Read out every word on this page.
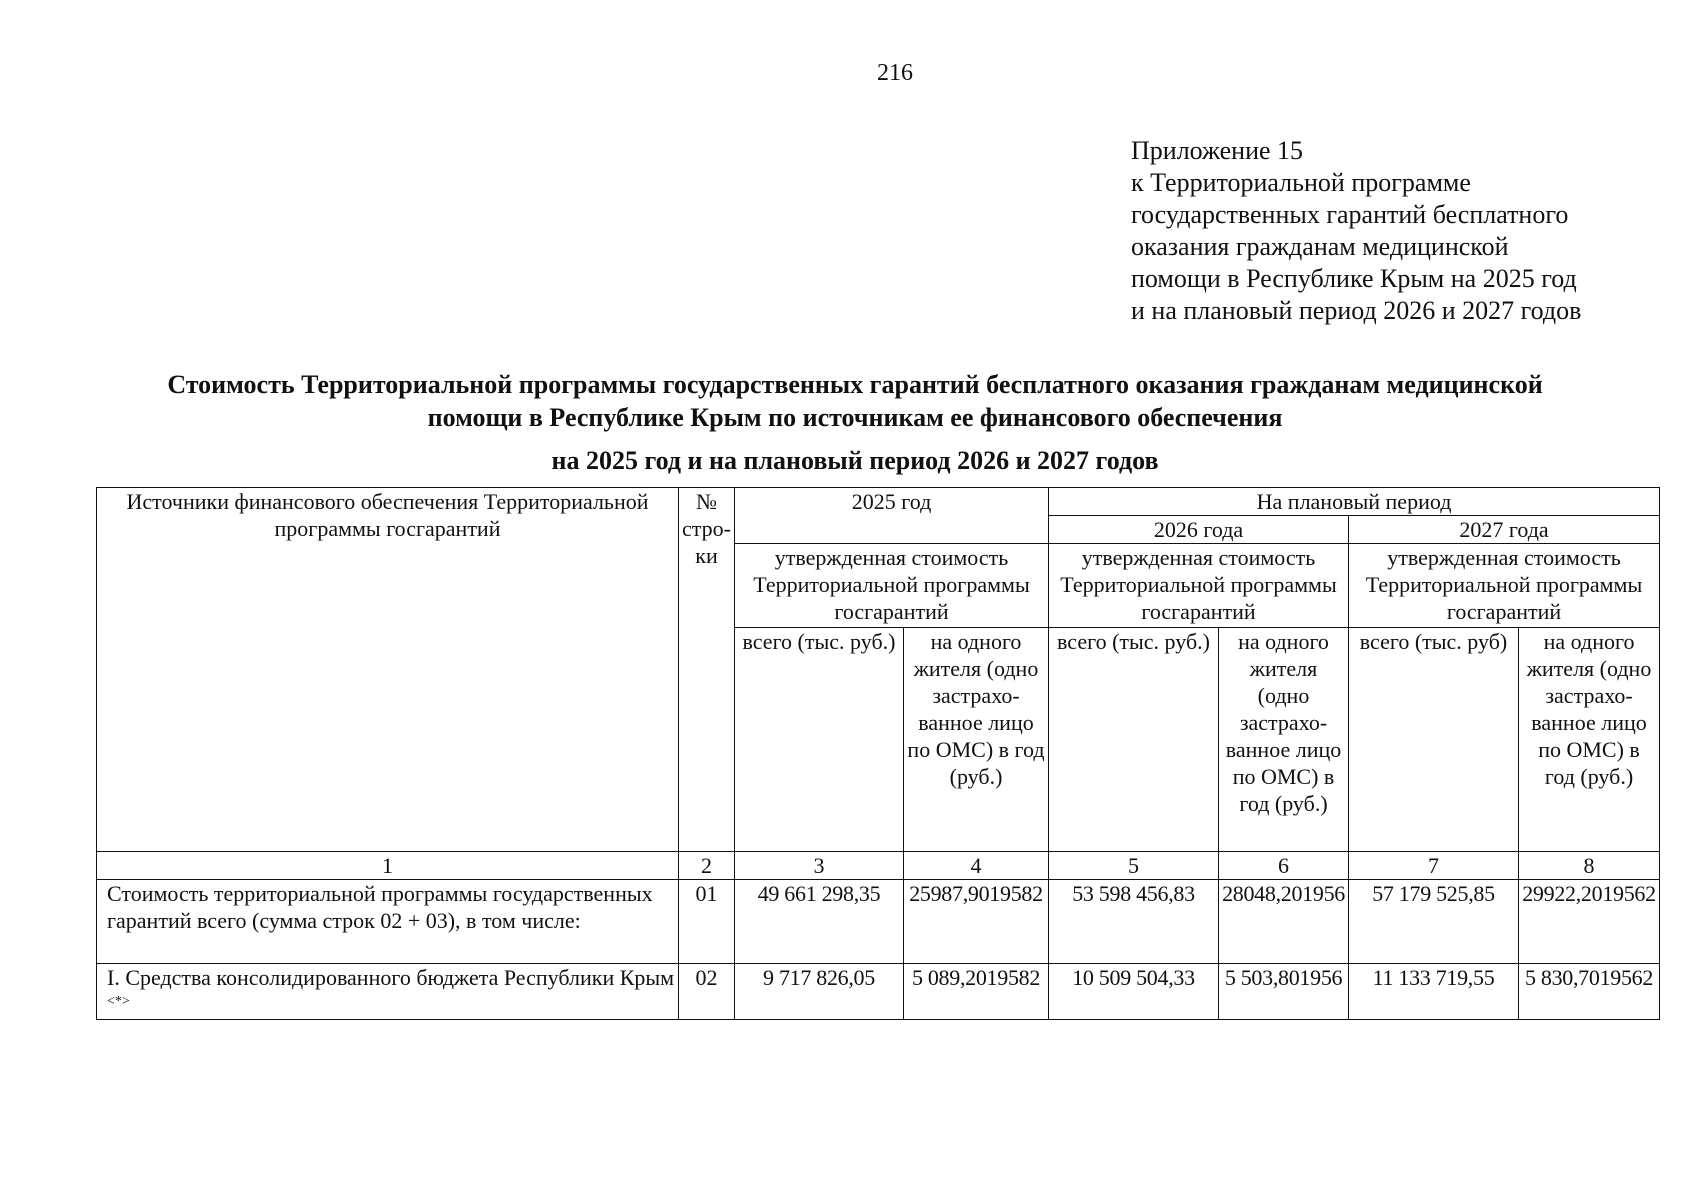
216
Приложение 15
к Территориальной программе
государственных гарантий бесплатного
оказания гражданам медицинской
помощи в Республике Крым на 2025 год
и на плановый период 2026 и 2027 годов
Стоимость Территориальной программы государственных гарантий бесплатного оказания гражданам медицинской
помощи в Республике Крым по источникам ее финансового обеспечения
на 2025 год и на плановый период 2026 и 2027 годов
Источники финансового обеспечения Территориальной программы госгарантий	№ стро-ки	2025 год		На плановый период			
				2026 года		2027 года	
		утвержденная стоимость Территориальной программы госгарантий		утвержденная стоимость Территориальной программы госгарантий		утвержденная стоимость Территориальной программы госгарантий	
		всего (тыс. руб.)	на одного жителя (одно застрахо-ванное лицо по ОМС) в год (руб.)	всего (тыс. руб.)	на одного жителя (одно застрахо-ванное лицо по ОМС) в год (руб.)	всего (тыс. руб)	на одного жителя (одно застрахо-ванное лицо по ОМС) в год (руб.)
1	2	3	4	5	6	7	8
Стоимость территориальной программы государственных гарантий всего (сумма строк 02 + 03), в том числе:	01	49 661 298,35	25987,9019582	53 598 456,83	28048,201956	57 179 525,85	29922,2019562
I. Средства консолидированного бюджета Республики Крым <*>	02	9 717 826,05	5 089,2019582	10 509 504,33	5 503,801956	11 133 719,55	5 830,7019562
